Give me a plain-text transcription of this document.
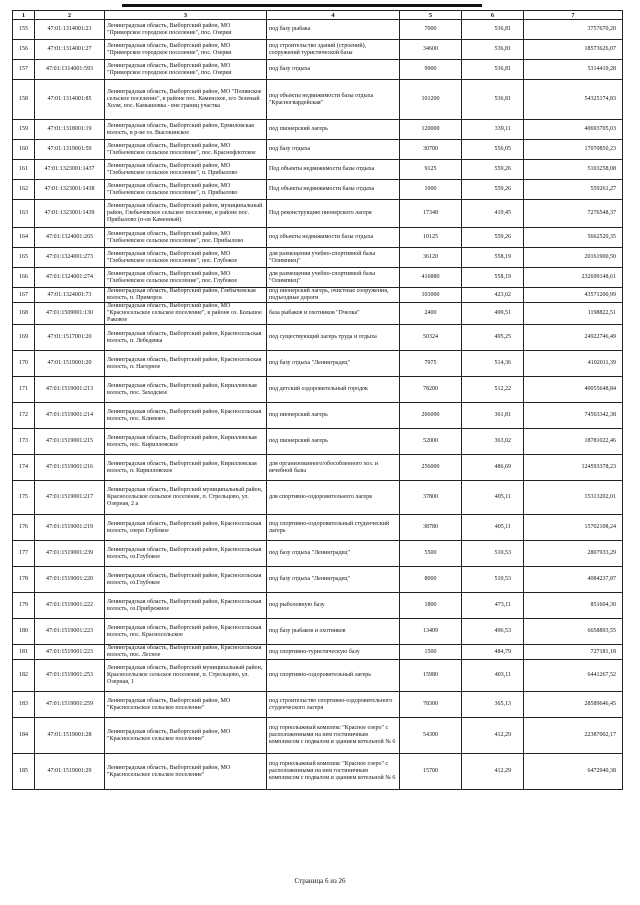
1	2	3	4	5	6	7
155	47:01:1314001:23	Ленинградская область, Выборгский район, МО "Приморское городское поселение", пос. Озерки	под базу рыбака	7000	536,81	3757670,20
156	47:01:1314001:27	Ленинградская область, Выборгский район, МО "Приморское городское поселение", пос. Озерки	под строительство зданий (строений), сооружений туристической базы	34600	536,81	18573626,07
157	47:01:1314001:593	Ленинградская область, Выборгский район, МО "Приморское городское поселение", пос. Озерки	под базу отдыха	9900	536,81	5314419,28
158	47:01:1314001:85	Ленинградская область, Выборгский район, МО "Полянское сельское поселение", в районе пос. Каменское, п/о Зеленый Холм, пос. Камышовка - вне границ участка	под объекты недвижимости базы отдыха "Красногвардейская"	101200	536,81	54325174,83
159	47:01:1318001:19	Ленинградская область, Выборгский район, Ермиловская волость, в р-не оз. Высокинское	под пионерский лагерь	120000	339,11	40693705,03
160	47:01:1319001:59	Ленинградская область, Выборгский район, МО "Глебычевское сельское поселение", пос. Краснофлотское	под базу отдыха	30700	556,05	17070850,23
161	47:01:1323001:1437	Ленинградская область, Выборгский район, МО "Глебычевское сельское поселение", п. Прибылово	Под объекты недвижимости базы отдыха	9125	559,26	5103258,08
162	47:01:1323001:1438	Ленинградская область, Выборгский район, МО "Глебычевское сельское поселение", п. Прибылово	Под объекты недвижимости базы отдыха	1000	559,26	559261,27
163	47:01:1323001:1439	Ленинградская область, Выборгский район, муниципальный район, Глебычевское сельское поселение, в районе пос. Прибылово (п-ов Каменный)	Под реконструкцию пионерского лагеря	17348	419,45	7276548,37
164	47:01:1324001:265	Ленинградская область, Выборгский район, МО "Глебычевское сельское поселение", пос. Прибылово	под объекты недвижимости базы отдыха	10125	559,26	5662520,35
165	47:01:1324001:273	Ленинградская область, Выборгский район, МО "Глебычевское сельское поселение", пос. Глубокое	для размещения учебно-спортивной базы "Олимпиец"	36120	558,19	20161900,50
166	47:01:1324001:274	Ленинградская область, Выборгский район, МО "Глебычевское сельское поселение", пос. Глубокое	для размещения учебно-спортивной базы "Олимпиец"	416880	558,19	232699148,61
167	47:01:1324001:73	Ленинградская область, Выборгский район, Глебычевская волость, п. Приморск	под пионерский лагерь, очистные сооружения, подъездные дороги	103000	423,02	43571200,99
168	47:01:1509001:130	Ленинградская область, Выборгский район, МО "Красносельское сельское поселение", в районе оз. Большое Раковое	база рыбаков и охотников "Пчелка"	2400	499,51	1198822,51
169	47:01:1517001:20	Ленинградская область, Выборгский район, Красносельская волость, п. Лебедевка	под существующий лагерь труда и отдыха	50324	495,25	24922746,49
170	47:01:1519001:20	Ленинградская область, Выборгский район, Красносельская волость, п. Нагорное	под базу отдыха "Ленинградец"	7975	514,36	4102011,39
171	47:01:1519001:213	Ленинградская область, Выборгский район, Кирилловская волость, пос. Заходское	под детский оздоровительный городок	78200	512,22	40055648,84
172	47:01:1519001:214	Ленинградская область, Выборгский район, Красносельская волость, пос. Климово	под пионерский лагерь	206090	361,81	74563342,38
173	47:01:1519001:215	Ленинградская область, Выборгский район, Кирилловская волость, пос. Кирилловское	под пионерский лагерь	52000	363,02	18781022,46
174	47:01:1519001:216	Ленинградская область, Выборгский район, Кирилловская волость, п. Кирилловское	для организованного/обособленного хоз. и вечебной базы	256000	486,69	124593378,23
175	47:01:1519001:217	Ленинградская область, Выборгский муниципальный район, Красносельское сельское поселение, п. Стрельцово, ул. Озерная, 2 а	для спортивно-оздоровительного лагеря	37800	405,11	15313202,01
176	47:01:1519001:219	Ленинградская область, Выборгский район, Красносельская волость, озеро Глубокое	под спортивно-оздоровительный студенческий лагерь	38780	405,11	15702108,24
177	47:01:1519001:239	Ленинградская область, Выборгский район, Красносельская волость, оз.Глубокое	под базу отдыха "Ленинградец"	5500	510,53	2807933,29
178	47:01:1519001:220	Ленинградская область, Выборгский район, Красносельская волость, оз.Глубокое	под базу отдыха "Ленинградец"	8000	510,53	4084237,87
179	47:01:1519001:222	Ленинградская область, Выборгский район, Красносельская волость, оз.Прибрежное	под рыболовную базу	1800	473,11	851604,30
180	47:01:1519001:223	Ленинградская область, Выборгский район, Красносельская волость, пос. Красносельское	под базу рыбаков и охотников	13409	496,53	6658893,55
181	47:01:1519001:223	Ленинградская область, Выборгский район, Красносельская волость, пос. Лесное	под спортивно-туристическую базу	1500	484,79	727181,18
182	47:01:1519001:253	Ленинградская область, Выборгский муниципальный район, Красносельское сельское поселение, п. Стрельцово, ул. Озерная, 1	под спортивно-оздоровительный лагерь	15980	403,11	6441267,52
183	47:01:1519001:259	Ленинградская область, Выборгский район, МО "Красносельское сельское поселение"	под строительство спортивно-оздоровительного студенческого лагеря	78300	365,13	28589646,45
184	47:01:1519001:28	Ленинградская область, Выборгский район, МО "Красносельское сельское поселение"	под горнолыжный комплекс "Красное озеро" с расположенными на нем гостиничным комплексом с подвалом и зданием котельной № 6	54300	412,29	22387002,17
185	47:01:1519001:29	Ленинградская область, Выборгский район, МО "Красносельское сельское поселение"	под горнолыжный комплекс "Красное озеро" с расположенными на нем гостиничным комплексом с подвалом и зданием котельной № 6	15700	412,29	6472940,38
Страница 6 из 26
